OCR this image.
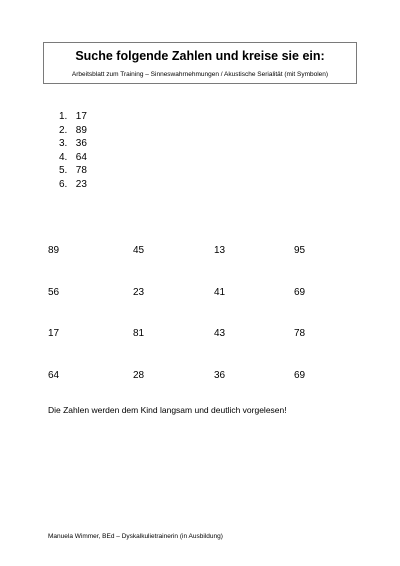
Suche folgende Zahlen und kreise sie ein:
Arbeitsblatt zum Training – Sinneswahrnehmungen / Akustische Serialität (mit Symbolen)
1. 17
2. 89
3. 36
4. 64
5. 78
6. 23
89	45	13	95
56	23	41	69
17	81	43	78
64	28	36	69
Die Zahlen werden dem Kind langsam und deutlich vorgelesen!
Manuela Wimmer, BEd – Dyskalkulietrainerin (in Ausbildung)
